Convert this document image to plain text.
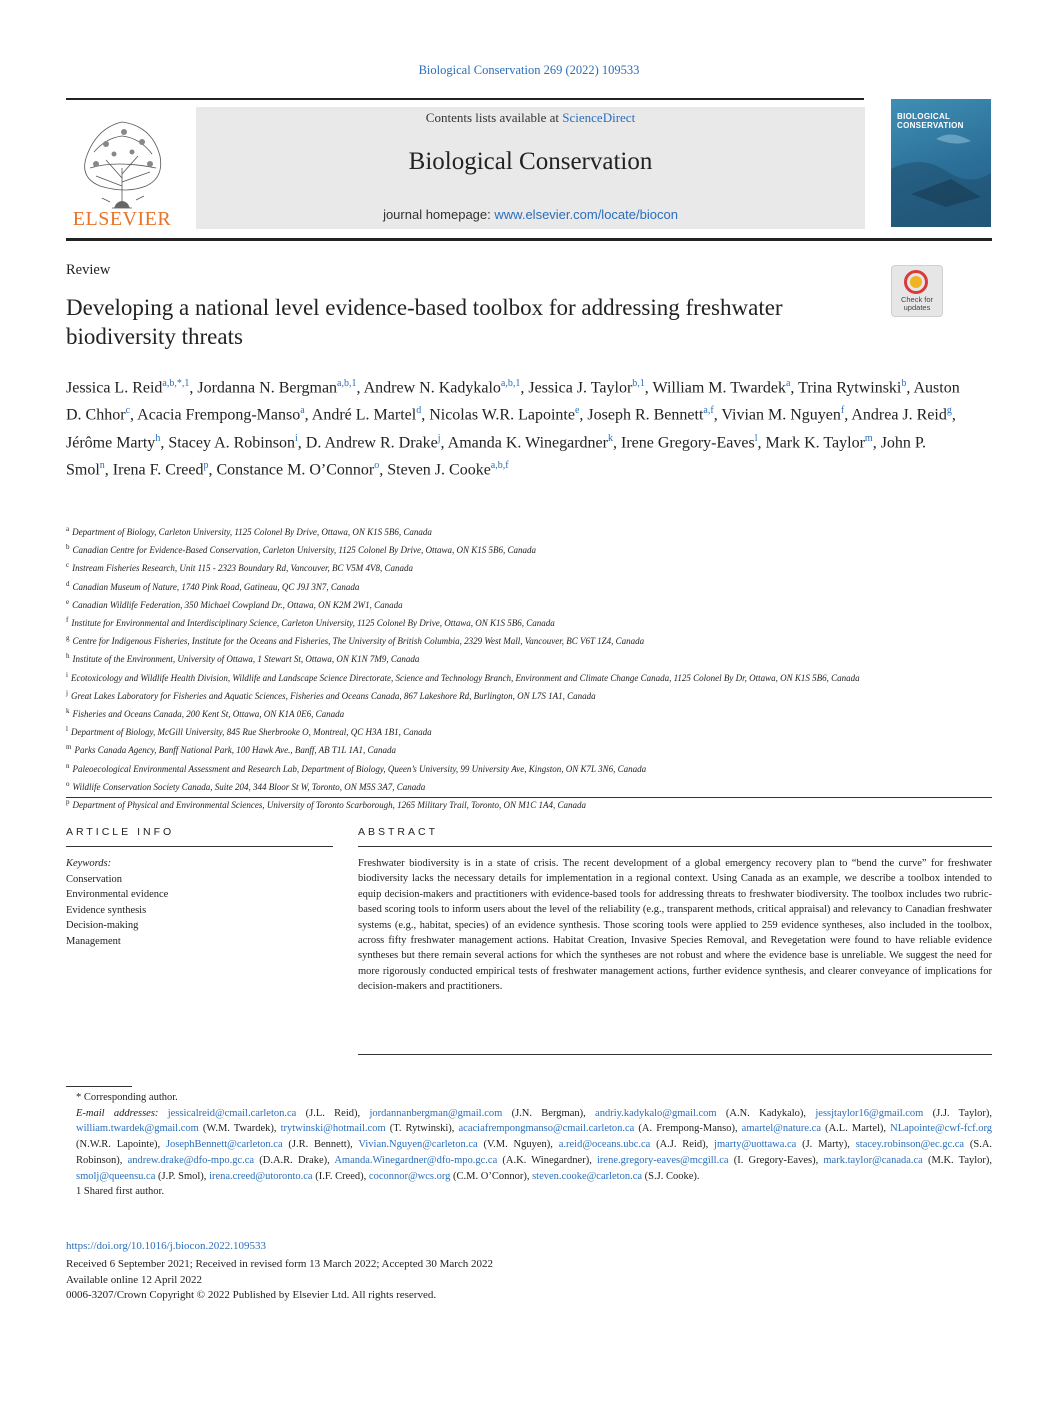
Biological Conservation 269 (2022) 109533
ELSEVIER
Contents lists available at ScienceDirect
Biological Conservation
journal homepage: www.elsevier.com/locate/biocon
BIOLOGICAL CONSERVATION
Review
Developing a national level evidence-based toolbox for addressing freshwater biodiversity threats
Check for updates
Jessica L. Reid$^{a,b,*,1}$, Jordanna N. Bergman$^{a,b,1}$, Andrew N. Kadykalo$^{a,b,1}$, Jessica J. Taylor$^{b,1}$, William M. Twardek$^a$, Trina Rytwinski$^b$, Auston D. Chhor$^c$, Acacia Frempong-Manso$^a$, André L. Martel$^d$, Nicolas W.R. Lapointe$^e$, Joseph R. Bennett$^{a,f}$, Vivian M. Nguyen$^f$, Andrea J. Reid$^g$, Jérôme Marty$^h$, Stacey A. Robinson$^i$, D. Andrew R. Drake$^j$, Amanda K. Winegardner$^k$, Irene Gregory-Eaves$^l$, Mark K. Taylor$^m$, John P. Smol$^n$, Irena F. Creed$^p$, Constance M. O’Connor$^o$, Steven J. Cooke$^{a,b,f}$
$^a$ Department of Biology, Carleton University, 1125 Colonel By Drive, Ottawa, ON K1S 5B6, Canada
$^b$ Canadian Centre for Evidence-Based Conservation, Carleton University, 1125 Colonel By Drive, Ottawa, ON K1S 5B6, Canada
$^c$ Instream Fisheries Research, Unit 115 - 2323 Boundary Rd, Vancouver, BC V5M 4V8, Canada
$^d$ Canadian Museum of Nature, 1740 Pink Road, Gatineau, QC J9J 3N7, Canada
$^e$ Canadian Wildlife Federation, 350 Michael Cowpland Dr., Ottawa, ON K2M 2W1, Canada
$^f$ Institute for Environmental and Interdisciplinary Science, Carleton University, 1125 Colonel By Drive, Ottawa, ON K1S 5B6, Canada
$^g$ Centre for Indigenous Fisheries, Institute for the Oceans and Fisheries, The University of British Columbia, 2329 West Mall, Vancouver, BC V6T 1Z4, Canada
$^h$ Institute of the Environment, University of Ottawa, 1 Stewart St, Ottawa, ON K1N 7M9, Canada
$^i$ Ecotoxicology and Wildlife Health Division, Wildlife and Landscape Science Directorate, Science and Technology Branch, Environment and Climate Change Canada, 1125 Colonel By Dr, Ottawa, ON K1S 5B6, Canada
$^j$ Great Lakes Laboratory for Fisheries and Aquatic Sciences, Fisheries and Oceans Canada, 867 Lakeshore Rd, Burlington, ON L7S 1A1, Canada
$^k$ Fisheries and Oceans Canada, 200 Kent St, Ottawa, ON K1A 0E6, Canada
$^l$ Department of Biology, McGill University, 845 Rue Sherbrooke O, Montreal, QC H3A 1B1, Canada
$^m$ Parks Canada Agency, Banff National Park, 100 Hawk Ave., Banff, AB T1L 1A1, Canada
$^n$ Paleoecological Environmental Assessment and Research Lab, Department of Biology, Queen’s University, 99 University Ave, Kingston, ON K7L 3N6, Canada
$^o$ Wildlife Conservation Society Canada, Suite 204, 344 Bloor St W, Toronto, ON M5S 3A7, Canada
$^p$ Department of Physical and Environmental Sciences, University of Toronto Scarborough, 1265 Military Trail, Toronto, ON M1C 1A4, Canada
ARTICLE INFO	ABSTRACT
Keywords:
Conservation
Environmental evidence
Evidence synthesis
Decision-making
Management
Freshwater biodiversity is in a state of crisis. The recent development of a global emergency recovery plan to “bend the curve” for freshwater biodiversity lacks the necessary details for implementation in a regional context. Using Canada as an example, we describe a toolbox intended to equip decision-makers and practitioners with evidence-based tools for addressing threats to freshwater biodiversity. The toolbox includes two rubric-based scoring tools to inform users about the level of the reliability (e.g., transparent methods, critical appraisal) and relevancy to Canadian freshwater systems (e.g., habitat, species) of an evidence synthesis. Those scoring tools were applied to 259 evidence syntheses, also included in the toolbox, across fifty freshwater management actions. Habitat Creation, Invasive Species Removal, and Revegetation were found to have reliable evidence syntheses but there remain several actions for which the syntheses are not robust and where the evidence base is unreliable. We suggest the need for more rigorously conducted empirical tests of freshwater management actions, further evidence synthesis, and clearer conveyance of implications for decision-makers and practitioners.
* Corresponding author.
E-mail addresses: jessicalreid@cmail.carleton.ca (J.L. Reid), jordannanbergman@gmail.com (J.N. Bergman), andriy.kadykalo@gmail.com (A.N. Kadykalo), jessjtaylor16@gmail.com (J.J. Taylor), william.twardek@gmail.com (W.M. Twardek), trytwinski@hotmail.com (T. Rytwinski), acaciafrempongmanso@cmail.carleton.ca (A. Frempong-Manso), amartel@nature.ca (A.L. Martel), NLapointe@cwf-fcf.org (N.W.R. Lapointe), JosephBennett@carleton.ca (J.R. Bennett), Vivian.Nguyen@carleton.ca (V.M. Nguyen), a.reid@oceans.ubc.ca (A.J. Reid), jmarty@uottawa.ca (J. Marty), stacey.robinson@ec.gc.ca (S.A. Robinson), andrew.drake@dfo-mpo.gc.ca (D.A.R. Drake), Amanda.Winegardner@dfo-mpo.gc.ca (A.K. Winegardner), irene.gregory-eaves@mcgill.ca (I. Gregory-Eaves), mark.taylor@canada.ca (M.K. Taylor), smolj@queensu.ca (J.P. Smol), irena.creed@utoronto.ca (I.F. Creed), coconnor@wcs.org (C.M. O’Connor), steven.cooke@carleton.ca (S.J. Cooke).
1 Shared first author.
https://doi.org/10.1016/j.biocon.2022.109533
Received 6 September 2021; Received in revised form 13 March 2022; Accepted 30 March 2022
Available online 12 April 2022
0006-3207/Crown Copyright © 2022 Published by Elsevier Ltd. All rights reserved.
